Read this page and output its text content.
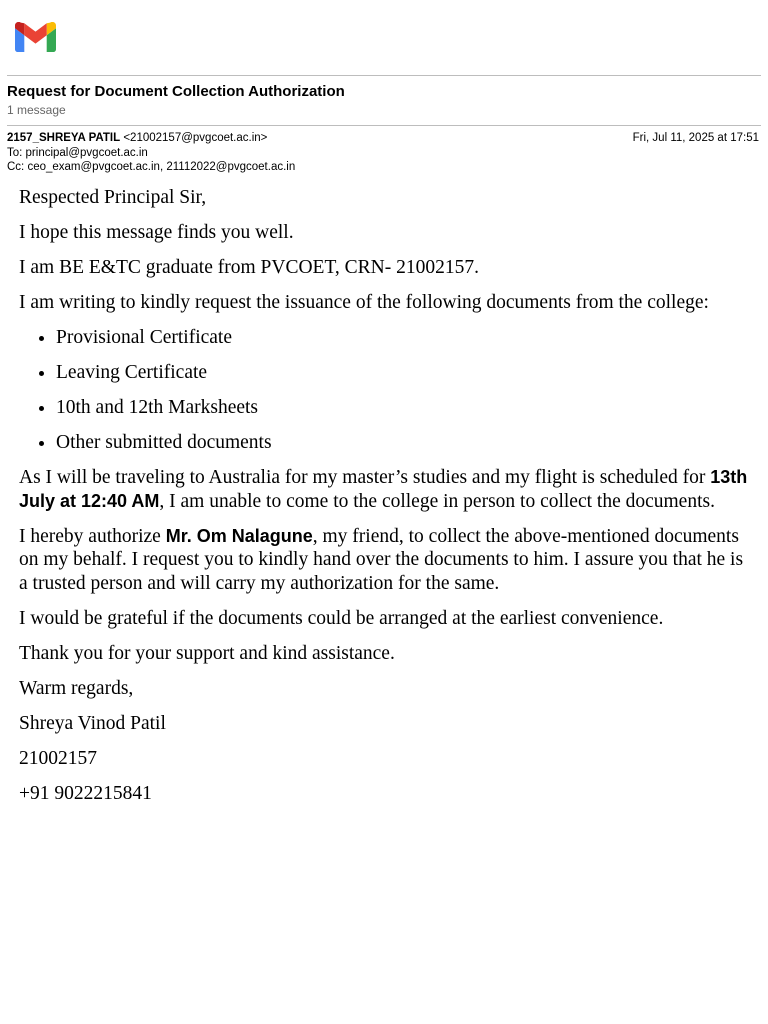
Request for Document Collection Authorization
1 message
2157_SHREYA PATIL <21002157@pvgcoet.ac.in>	Fri, Jul 11, 2025 at 17:51
To: principal@pvgcoet.ac.in
Cc: ceo_exam@pvgcoet.ac.in, 21112022@pvgcoet.ac.in

Respected Principal Sir,

I hope this message finds you well.

I am BE E&TC graduate from PVCOET, CRN- 21002157.

I am writing to kindly request the issuance of the following documents from the college:

• Provisional Certificate
• Leaving Certificate
• 10th and 12th Marksheets
• Other submitted documents

As I will be traveling to Australia for my master’s studies and my flight is scheduled for 13th July at 12:40 AM, I am unable to come to the college in person to collect the documents.

I hereby authorize Mr. Om Nalagune, my friend, to collect the above-mentioned documents on my behalf. I request you to kindly hand over the documents to him. I assure you that he is a trusted person and will carry my authorization for the same.

I would be grateful if the documents could be arranged at the earliest convenience.

Thank you for your support and kind assistance.

Warm regards,

Shreya Vinod Patil

21002157

+91 9022215841
